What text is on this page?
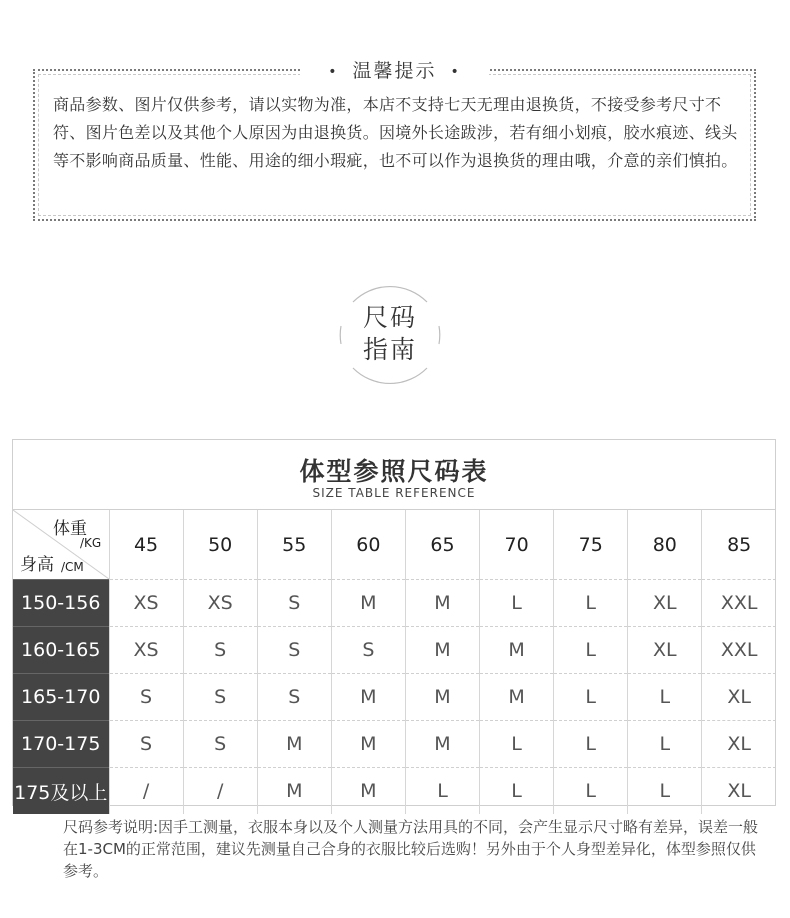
• 温馨提示 •
商品参数、图片仅供参考，请以实物为准，本店不支持七天无理由退换货，不接受参考尺寸不符、图片色差以及其他个人原因为由退换货。因境外长途跋涉，若有细小划痕，胶水痕迹、线头等不影响商品质量、性能、用途的细小瑕疵，也不可以作为退换货的理由哦，介意的亲们慎拍。
尺码
指南
体型参照尺码表
SIZE TABLE REFERENCE
体重
/KG
身高 /CM	45	50	55	60	65	70	75	80	85
150-156	XS	XS	S	M	M	L	L	XL	XXL
160-165	XS	S	S	S	M	M	L	XL	XXL
165-170	S	S	S	M	M	M	L	L	XL
170-175	S	S	M	M	M	L	L	L	XL
175及以上	/	/	M	M	L	L	L	L	XL
尺码参考说明:因手工测量，衣服本身以及个人测量方法用具的不同，会产生显示尺寸略有差异，误差一般在1-3CM的正常范围，建议先测量自己合身的衣服比较后选购！另外由于个人身型差异化，体型参照仅供参考。
